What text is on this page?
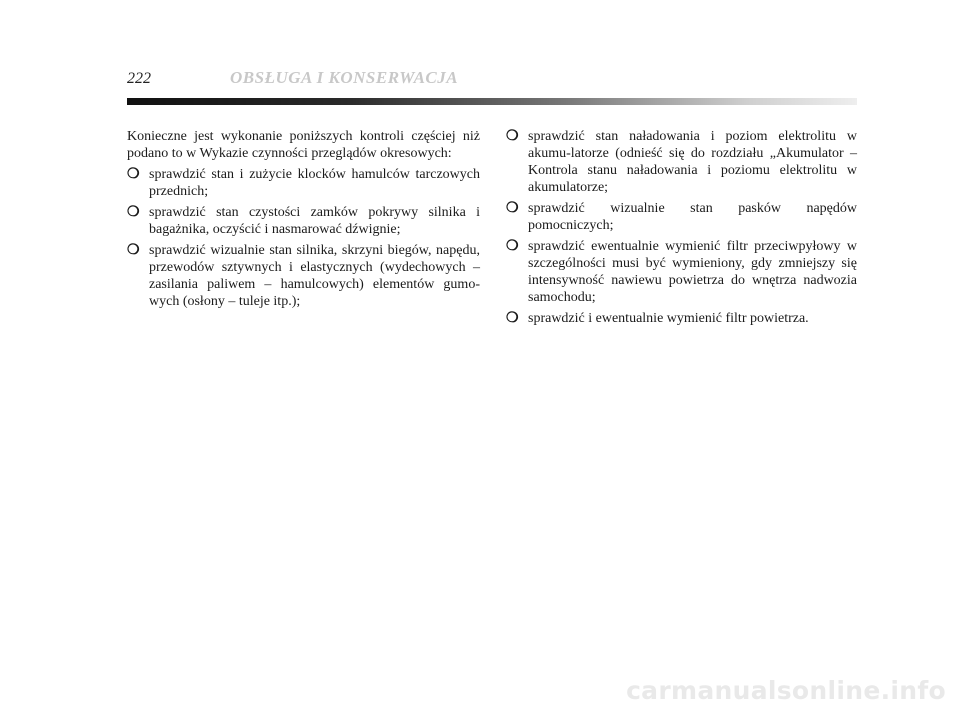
222	OBSŁUGA I KONSERWACJA

Konieczne jest wykonanie poniższych kontroli częściej niż podano to w Wykazie czynności przeglądów okresowych:

❍ sprawdzić stan i zużycie klocków hamulców tarczowych przednich;
❍ sprawdzić stan czystości zamków pokrywy silnika i bagażnika, oczyścić i nasmarować dźwignie;
❍ sprawdzić wizualnie stan silnika, skrzyni biegów, napędu, przewodów sztywnych i elastycznych (wydechowych – zasilania paliwem – hamulcowych) elementów gumo-wych (osłony – tuleje itp.);
❍ sprawdzić stan naładowania i poziom elektrolitu w akumu-latorze (odnieść się do rozdziału „Akumulator – Kontrola stanu naładowania i poziomu elektrolitu w akumulatorze;
❍ sprawdzić wizualnie stan pasków napędów pomocniczych;
❍ sprawdzić ewentualnie wymienić filtr przeciwpyłowy w szczególności musi być wymieniony, gdy zmniejszy się intensywność nawiewu powietrza do wnętrza nadwozia samochodu;
❍ sprawdzić i ewentualnie wymienić filtr powietrza.
carmanualsonline.info
